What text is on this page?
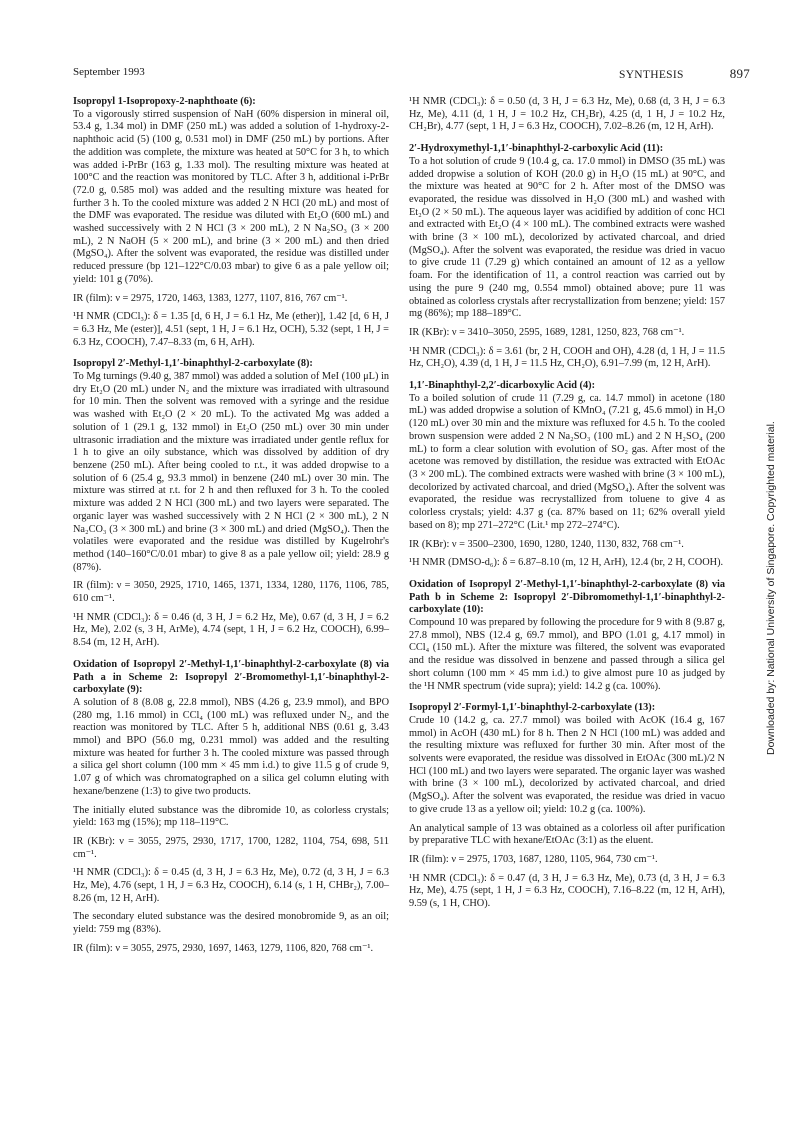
September 1993	SYNTHESIS	897
Isopropyl 1-Isopropoxy-2-naphthoate (6):

To a vigorously stirred suspension of NaH (60% dispersion in mineral oil, 53.4 g, 1.34 mol) in DMF (250 mL) was added a solution of 1-hydroxy-2-naphthoic acid (5) (100 g, 0.531 mol) in DMF (250 mL) by portions. After the addition was complete, the mixture was heated at 50°C for 3 h, to which was added i-PrBr (163 g, 1.33 mol). The resulting mixture was heated at 100°C and the reaction was monitored by TLC. After 3 h, additional i-PrBr (72.0 g, 0.585 mol) was added and the resulting mixture was heated for further 3 h. To the cooled mixture was added 2 N HCl (20 mL) and most of the DMF was evaporated. The residue was diluted with Et₂O (600 mL) and washed successively with 2 N HCl (3 × 200 mL), 2 N Na₂SO₃ (3 × 200 mL), 2 N NaOH (5 × 200 mL), and brine (3 × 200 mL) and then dried (MgSO₄). After the solvent was evaporated, the residue was distilled under reduced pressure (bp 121–122°C/0.03 mbar) to give 6 as a pale yellow oil; yield: 101 g (70%).

IR (film): ν = 2975, 1720, 1463, 1383, 1277, 1107, 816, 767 cm⁻¹.

¹H NMR (CDCl₃): δ = 1.35 [d, 6 H, J = 6.1 Hz, Me (ether)], 1.42 [d, 6 H, J = 6.3 Hz, Me (ester)], 4.51 (sept, 1 H, J = 6.1 Hz, OCH), 5.32 (sept, 1 H, J = 6.3 Hz, COOCH), 7.47–8.33 (m, 6 H, ArH).

Isopropyl 2′-Methyl-1,1′-binaphthyl-2-carboxylate (8):

To Mg turnings (9.40 g, 387 mmol) was added a solution of MeI (100 μL) in dry Et₂O (20 mL) under N₂ and the mixture was irradiated with ultrasound for 10 min. Then the solvent was removed with a syringe and the residue was washed with Et₂O (2 × 20 mL). To the activated Mg was added a solution of 1 (29.1 g, 132 mmol) in Et₂O (250 mL) over 30 min under ultrasonic irradiation and the mixture was irradiated under gentle reflux for 1 h to give an oily substance, which was dissolved by addition of dry benzene (250 mL). After being cooled to r.t., it was added dropwise to a solution of 6 (25.4 g, 93.3 mmol) in benzene (240 mL) over 30 min. The mixture was stirred at r.t. for 2 h and then refluxed for 3 h. To the cooled mixture was added 2 N HCl (300 mL) and two layers were separated. The organic layer was washed successively with 2 N HCl (2 × 300 mL), 2 N Na₂CO₃ (3 × 300 mL) and brine (3 × 300 mL) and dried (MgSO₄). Then the volatiles were evaporated and the residue was distilled by Kugelrohr's method (140–160°C/0.01 mbar) to give 8 as a pale yellow oil; yield: 28.9 g (87%).

IR (film): ν = 3050, 2925, 1710, 1465, 1371, 1334, 1280, 1176, 1106, 785, 610 cm⁻¹.

¹H NMR (CDCl₃): δ = 0.46 (d, 3 H, J = 6.2 Hz, Me), 0.67 (d, 3 H, J = 6.2 Hz, Me), 2.02 (s, 3 H, ArMe), 4.74 (sept, 1 H, J = 6.2 Hz, COOCH), 6.99–8.54 (m, 12 H, ArH).

Oxidation of Isopropyl 2′-Methyl-1,1′-binaphthyl-2-carboxylate (8) via Path a in Scheme 2: Isopropyl 2′-Bromomethyl-1,1′-binaphthyl-2-carboxylate (9):

A solution of 8 (8.08 g, 22.8 mmol), NBS (4.26 g, 23.9 mmol), and BPO (280 mg, 1.16 mmol) in CCl₄ (100 mL) was refluxed under N₂, and the reaction was monitored by TLC. After 5 h, additional NBS (0.61 g, 3.43 mmol) and BPO (56.0 mg, 0.231 mmol) was added and the resulting mixture was heated for further 3 h. The cooled mixture was passed through a silica gel short column (100 mm × 45 mm i.d.) to give 11.5 g of crude 9, 1.07 g of which was chromatographed on a silica gel column eluting with hexane/benzene (1:3) to give two products.

The initially eluted substance was the dibromide 10, as colorless crystals; yield: 163 mg (15%); mp 118–119°C.

IR (KBr): ν = 3055, 2975, 2930, 1717, 1700, 1282, 1104, 754, 698, 511 cm⁻¹.

¹H NMR (CDCl₃): δ = 0.45 (d, 3 H, J = 6.3 Hz, Me), 0.72 (d, 3 H, J = 6.3 Hz, Me), 4.76 (sept, 1 H, J = 6.3 Hz, COOCH), 6.14 (s, 1 H, CHBr₂), 7.00–8.26 (m, 12 H, ArH).

The secondary eluted substance was the desired monobromide 9, as an oil; yield: 759 mg (83%).

IR (film): ν = 3055, 2975, 2930, 1697, 1463, 1279, 1106, 820, 768 cm⁻¹.

¹H NMR (CDCl₃): δ = 0.50 (d, 3 H, J = 6.3 Hz, Me), 0.68 (d, 3 H, J = 6.3 Hz, Me), 4.11 (d, 1 H, J = 10.2 Hz, CH₂Br), 4.25 (d, 1 H, J = 10.2 Hz, CH₂Br), 4.77 (sept, 1 H, J = 6.3 Hz, COOCH), 7.02–8.26 (m, 12 H, ArH).

2′-Hydroxymethyl-1,1′-binaphthyl-2-carboxylic Acid (11):

To a hot solution of crude 9 (10.4 g, ca. 17.0 mmol) in DMSO (35 mL) was added dropwise a solution of KOH (20.0 g) in H₂O (15 mL) at 90°C, and the mixture was heated at 90°C for 2 h. After most of the DMSO was evaporated, the residue was dissolved in H₂O (300 mL) and washed with Et₂O (2 × 50 mL). The aqueous layer was acidified by addition of conc HCl and extracted with Et₂O (4 × 100 mL). The combined extracts were washed with brine (3 × 100 mL), decolorized by activated charcoal, and dried (MgSO₄). After the solvent was evaporated, the residue was dried in vacuo to give crude 11 (7.29 g) which contained an amount of 12 as a yellow foam. For the identification of 11, a control reaction was carried out by using the pure 9 (240 mg, 0.554 mmol) obtained above; pure 11 was obtained as colorless crystals after recrystallization from benzene; yield: 157 mg (86%); mp 188–189°C.

IR (KBr): ν = 3410–3050, 2595, 1689, 1281, 1250, 823, 768 cm⁻¹.

¹H NMR (CDCl₃): δ = 3.61 (br, 2 H, COOH and OH), 4.28 (d, 1 H, J = 11.5 Hz, CH₂O), 4.39 (d, 1 H, J = 11.5 Hz, CH₂O), 6.91–7.99 (m, 12 H, ArH).

1,1′-Binaphthyl-2,2′-dicarboxylic Acid (4):

To a boiled solution of crude 11 (7.29 g, ca. 14.7 mmol) in acetone (180 mL) was added dropwise a solution of KMnO₄ (7.21 g, 45.6 mmol) in H₂O (120 mL) over 30 min and the mixture was refluxed for 4.5 h. To the cooled brown suspension were added 2 N Na₂SO₃ (100 mL) and 2 N H₂SO₄ (200 mL) to form a clear solution with evolution of SO₂ gas. After most of the acetone was removed by distillation, the residue was extracted with EtOAc (3 × 200 mL). The combined extracts were washed with brine (3 × 100 mL), decolorized by activated charcoal, and dried (MgSO₄). After the solvent was evaporated, the residue was recrystallized from toluene to give 4 as colorless crystals; yield: 4.37 g (ca. 87% based on 11; 62% overall yield based on 8); mp 271–272°C (Lit.¹ mp 272–274°C).

IR (KBr): ν = 3500–2300, 1690, 1280, 1240, 1130, 832, 768 cm⁻¹.

¹H NMR (DMSO-d₆): δ = 6.87–8.10 (m, 12 H, ArH), 12.4 (br, 2 H, COOH).

Oxidation of Isopropyl 2′-Methyl-1,1′-binaphthyl-2-carboxylate (8) via Path b in Scheme 2: Isopropyl 2′-Dibromomethyl-1,1′-binaphthyl-2-carboxylate (10):

Compound 10 was prepared by following the procedure for 9 with 8 (9.87 g, 27.8 mmol), NBS (12.4 g, 69.7 mmol), and BPO (1.01 g, 4.17 mmol) in CCl₄ (150 mL). After the mixture was filtered, the solvent was evaporated and the residue was dissolved in benzene and passed through a silica gel short column (100 mm × 45 mm i.d.) to give almost pure 10 as judged by the ¹H NMR spectrum (vide supra); yield: 14.2 g (ca. 100%).

Isopropyl 2′-Formyl-1,1′-binaphthyl-2-carboxylate (13):

Crude 10 (14.2 g, ca. 27.7 mmol) was boiled with AcOK (16.4 g, 167 mmol) in AcOH (430 mL) for 8 h. Then 2 N HCl (100 mL) was added and the resulting mixture was refluxed for further 30 min. After most of the solvents were evaporated, the residue was dissolved in EtOAc (300 mL)/2 N HCl (100 mL) and two layers were separated. The organic layer was washed with brine (3 × 100 mL), decolorized by activated charcoal, and dried (MgSO₄). After the solvent was evaporated, the residue was dried in vacuo to give crude 13 as a yellow oil; yield: 10.2 g (ca. 100%).

An analytical sample of 13 was obtained as a colorless oil after purification by preparative TLC with hexane/EtOAc (3:1) as the eluent.

IR (film): ν = 2975, 1703, 1687, 1280, 1105, 964, 730 cm⁻¹.

¹H NMR (CDCl₃): δ = 0.47 (d, 3 H, J = 6.3 Hz, Me), 0.73 (d, 3 H, J = 6.3 Hz, Me), 4.75 (sept, 1 H, J = 6.3 Hz, COOCH), 7.16–8.22 (m, 12 H, ArH), 9.59 (s, 1 H, CHO).

Downloaded by: National University of Singapore. Copyrighted material.
